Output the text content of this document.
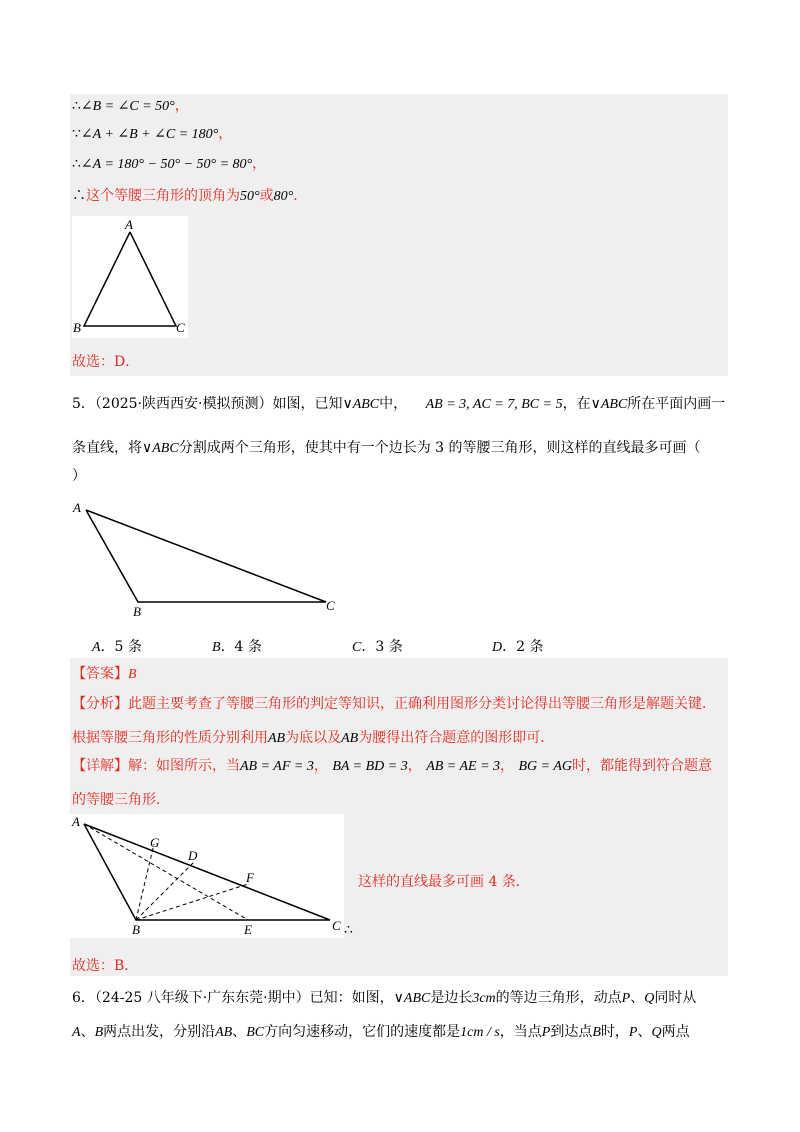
∴∠B = ∠C = 50°，
∵∠A + ∠B + ∠C = 180°，
∴∠A = 180° − 50° − 50° = 80°，
∴这个等腰三角形的顶角为50°或80°．
A
B	C
故选：D．
5．（2025·陕西西安·模拟预测）如图，已知∨ABC中， AB = 3, AC = 7, BC = 5，在∨ABC所在平面内画一
条直线，将∨ABC分割成两个三角形，使其中有一个边长为 3 的等腰三角形，则这样的直线最多可画（
）
A
B	C
A．5 条	B．4 条	C．3 条	D．2 条
【答案】B
【分析】此题主要考查了等腰三角形的判定等知识，正确利用图形分类讨论得出等腰三角形是解题关键．
根据等腰三角形的性质分别利用AB为底以及AB为腰得出符合题意的图形即可．
【详解】解：如图所示，当AB = AF = 3， BA = BD = 3， AB = AE = 3， BG = AG时，都能得到符合题意
的等腰三角形．
A
G
D
F
B	E	C
这样的直线最多可画 4 条．
∴
故选：B．
6．（24-25 八年级下·广东东莞·期中）已知：如图，∨ABC是边长3cm的等边三角形，动点P、Q同时从
A、B两点出发，分别沿AB、BC方向匀速移动，它们的速度都是1cm / s，当点P到达点B时，P、Q两点
